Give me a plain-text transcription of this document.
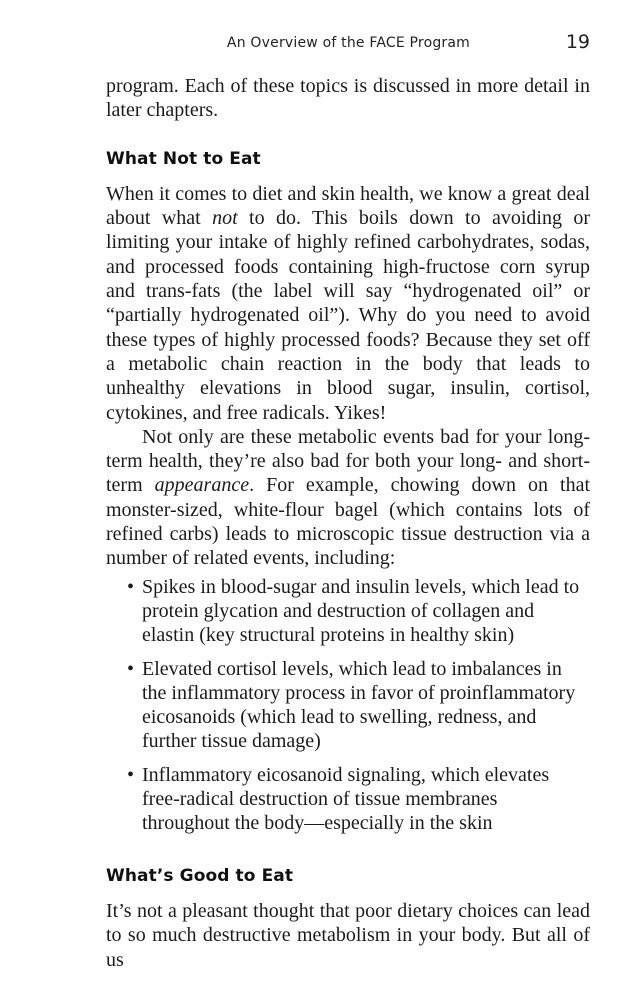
An Overview of the FACE Program	19

program. Each of these topics is discussed in more detail in later chapters.

What Not to Eat

When it comes to diet and skin health, we know a great deal about what not to do. This boils down to avoiding or limiting your intake of highly refined carbohydrates, sodas, and processed foods containing high-fructose corn syrup and trans-fats (the label will say “hydrogenated oil” or “partially hydrogenated oil”). Why do you need to avoid these types of highly processed foods? Because they set off a metabolic chain reaction in the body that leads to unhealthy elevations in blood sugar, insulin, cortisol, cytokines, and free radicals. Yikes!

Not only are these metabolic events bad for your long-term health, they’re also bad for both your long- and short-term appearance. For example, chowing down on that monster-sized, white-flour bagel (which contains lots of refined carbs) leads to microscopic tissue destruction via a number of related events, including:

• Spikes in blood-sugar and insulin levels, which lead to protein glycation and destruction of collagen and elastin (key structural proteins in healthy skin)
• Elevated cortisol levels, which lead to imbalances in the inflammatory process in favor of proinflammatory eicosanoids (which lead to swelling, redness, and further tissue damage)
• Inflammatory eicosanoid signaling, which elevates free-radical destruction of tissue membranes throughout the body—especially in the skin
What’s Good to Eat

It’s not a pleasant thought that poor dietary choices can lead to so much destructive metabolism in your body. But all of us
